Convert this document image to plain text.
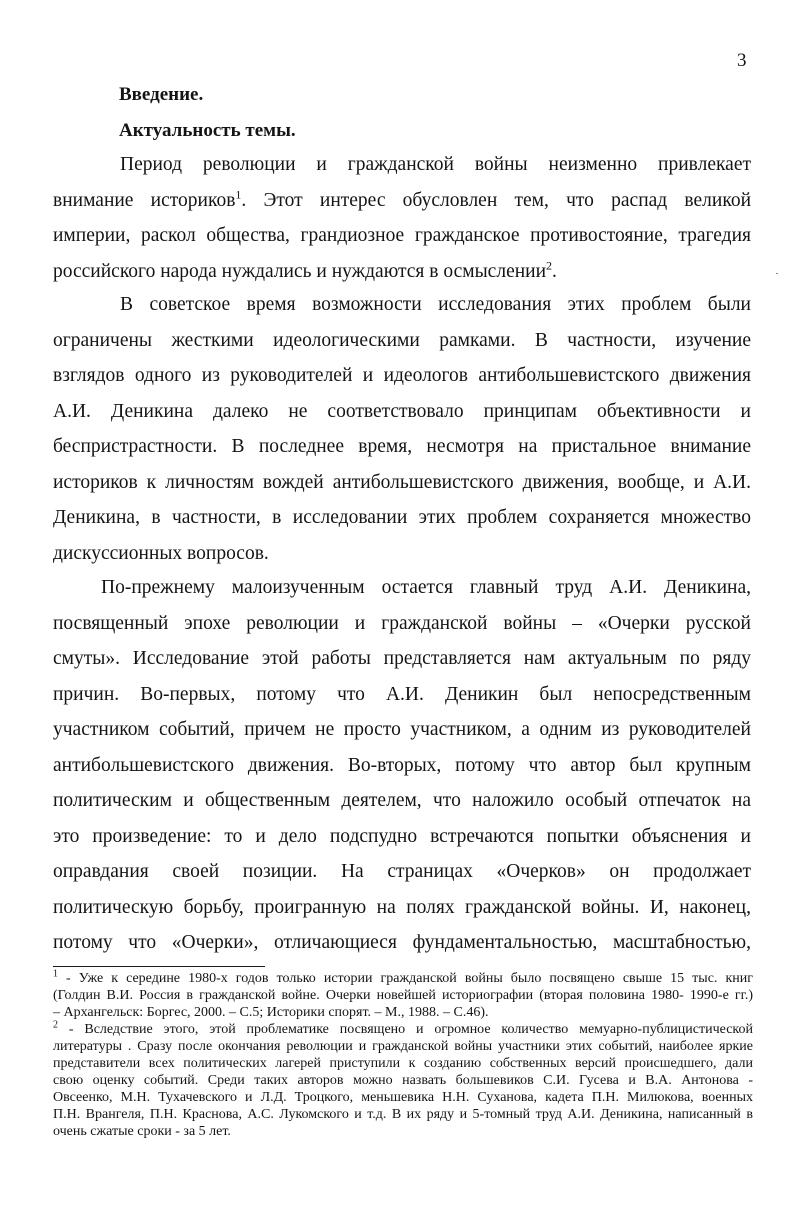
3
Введение.
Актуальность темы.

Период революции и гражданской войны неизменно привлекает
внимание историков$^1$. Этот интерес обусловлен тем, что распад великой
империи, раскол общества, грандиозное гражданское противостояние, трагедия
российского народа нуждались и нуждаются в осмыслении$^2$.

В советское время возможности исследования этих проблем были
ограничены жесткими идеологическими рамками. В частности, изучение
взглядов одного из руководителей и идеологов антибольшевистского движения
А.И. Деникина далеко не соответствовало принципам объективности и
беспристрастности. В последнее время, несмотря на пристальное внимание
историков к личностям вождей антибольшевистского движения, вообще, и А.И.
Деникина, в частности, в исследовании этих проблем сохраняется множество
дискуссионных вопросов.

По-прежнему малоизученным остается главный труд А.И. Деникина,
посвященный эпохе революции и гражданской войны – «Очерки русской
смуты». Исследование этой работы представляется нам актуальным по ряду
причин. Во-первых, потому что А.И. Деникин был непосредственным
участником событий, причем не просто участником, а одним из руководителей
антибольшевистского движения. Во-вторых, потому что автор был крупным
политическим и общественным деятелем, что наложило особый отпечаток на
это произведение: то и дело подспудно встречаются попытки объяснения и
оправдания своей позиции. На страницах «Очерков» он продолжает
политическую борьбу, проигранную на полях гражданской войны. И, наконец,
потому что «Очерки», отличающиеся фундаментальностью, масштабностью,

$^1$ - Уже к середине 1980-х годов только истории гражданской войны было посвящено свыше 15 тыс. книг
(Голдин В.И. Россия в гражданской войне. Очерки новейшей историографии (вторая половина 1980- 1990-е гг.)
– Архангельск: Боргес, 2000. – С.5; Историки спорят. – М., 1988. – С.46).
$^2$ - Вследствие этого, этой проблематике посвящено и огромное количество мемуарно-публицистической
литературы . Сразу после окончания революции и гражданской войны участники этих событий, наиболее яркие
представители всех политических лагерей приступили к созданию собственных версий происшедшего, дали
свою оценку событий. Среди таких авторов можно назвать большевиков С.И. Гусева и В.А. Антонова -
Овсеенко, М.Н. Тухачевского и Л.Д. Троцкого, меньшевика Н.Н. Суханова, кадета П.Н. Милюкова, военных
П.Н. Врангеля, П.Н. Краснова, А.С. Лукомского и т.д. В их ряду и 5-томный труд А.И. Деникина, написанный в
очень сжатые сроки - за 5 лет.
